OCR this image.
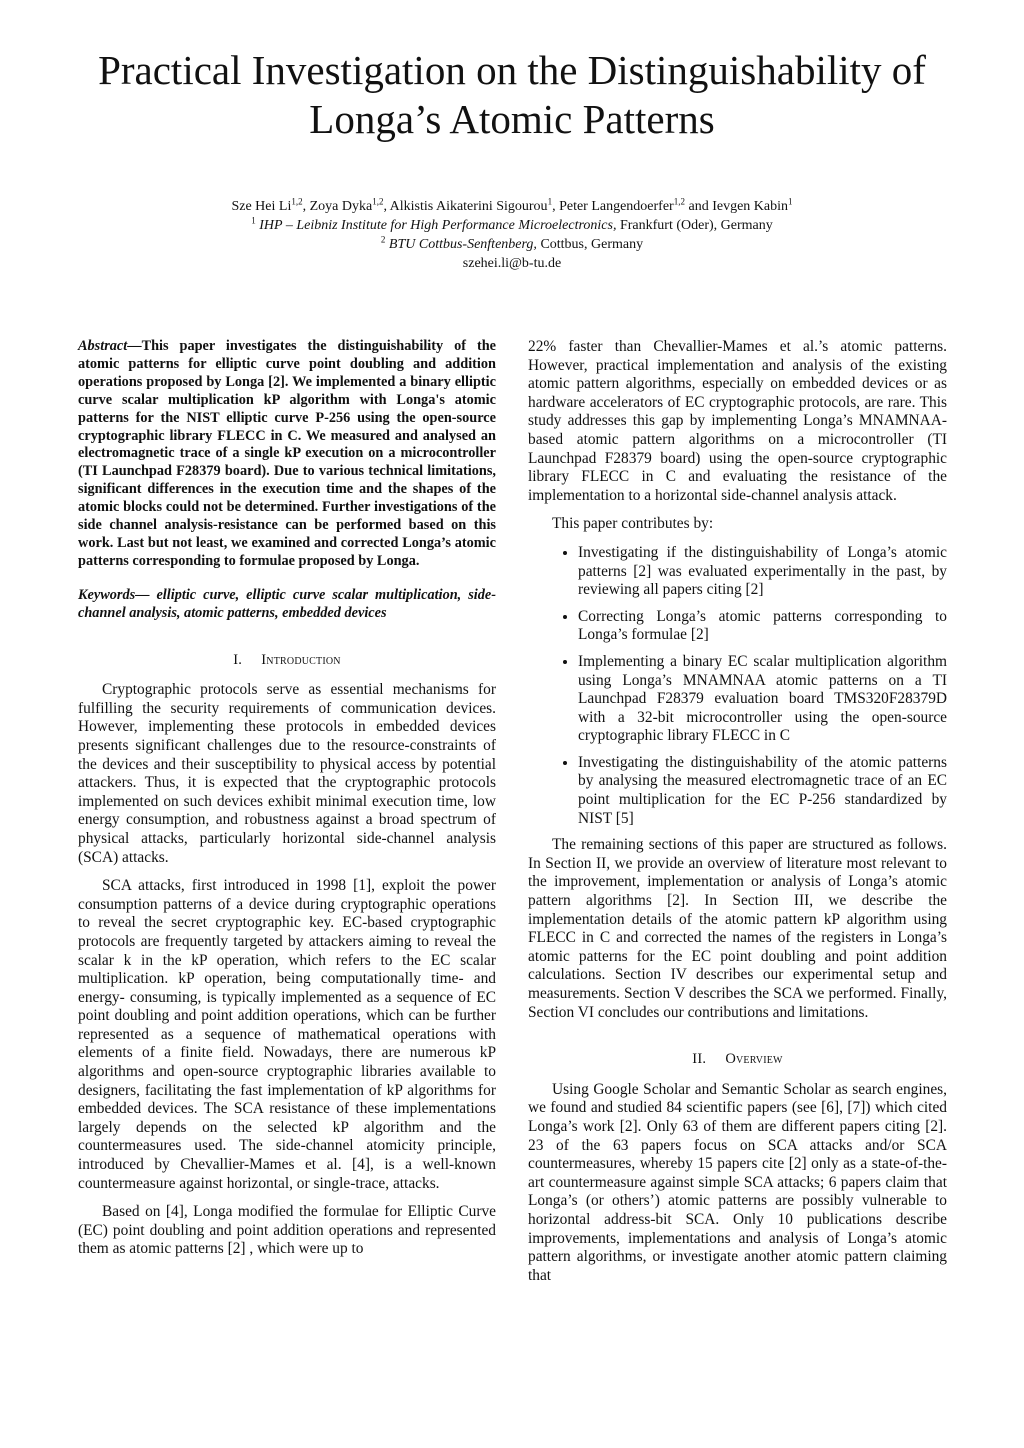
Practical Investigation on the Distinguishability of
Longa’s Atomic Patterns
Sze Hei Li$^{1,2}$, Zoya Dyka$^{1,2}$, Alkistis Aikaterini Sigourou$^1$, Peter Langendoerfer$^{1,2}$ and Ievgen Kabin$^1$
$^1$ IHP – Leibniz Institute for High Performance Microelectronics, Frankfurt (Oder), Germany
$^2$ BTU Cottbus-Senftenberg, Cottbus, Germany
szehei.li@b-tu.de

Abstract—This paper investigates the distinguishability of the atomic patterns for elliptic curve point doubling and addition operations proposed by Longa [2]. We implemented a binary elliptic curve scalar multiplication kP algorithm with Longa's atomic patterns for the NIST elliptic curve P-256 using the open-source cryptographic library FLECC in C. We measured and analysed an electromagnetic trace of a single kP execution on a microcontroller (TI Launchpad F28379 board). Due to various technical limitations, significant differences in the execution time and the shapes of the atomic blocks could not be determined. Further investigations of the side channel analysis-resistance can be performed based on this work. Last but not least, we examined and corrected Longa’s atomic patterns corresponding to formulae proposed by Longa.

Keywords— elliptic curve, elliptic curve scalar multiplication, side-channel analysis, atomic patterns, embedded devices

I. Introduction

Cryptographic protocols serve as essential mechanisms for fulfilling the security requirements of communication devices. However, implementing these protocols in embedded devices presents significant challenges due to the resource-constraints of the devices and their susceptibility to physical access by potential attackers. Thus, it is expected that the cryptographic protocols implemented on such devices exhibit minimal execution time, low energy consumption, and robustness against a broad spectrum of physical attacks, particularly horizontal side-channel analysis (SCA) attacks.

SCA attacks, first introduced in 1998 [1], exploit the power consumption patterns of a device during cryptographic operations to reveal the secret cryptographic key. EC-based cryptographic protocols are frequently targeted by attackers aiming to reveal the scalar k in the kP operation, which refers to the EC scalar multiplication. kP operation, being computationally time- and energy- consuming, is typically implemented as a sequence of EC point doubling and point addition operations, which can be further represented as a sequence of mathematical operations with elements of a finite field. Nowadays, there are numerous kP algorithms and open-source cryptographic libraries available to designers, facilitating the fast implementation of kP algorithms for embedded devices. The SCA resistance of these implementations largely depends on the selected kP algorithm and the countermeasures used. The side-channel atomicity principle, introduced by Chevallier-Mames et al. [4], is a well-known countermeasure against horizontal, or single-trace, attacks.

Based on [4], Longa modified the formulae for Elliptic Curve (EC) point doubling and point addition operations and represented them as atomic patterns [2] , which were up to

22% faster than Chevallier-Mames et al.’s atomic patterns. However, practical implementation and analysis of the existing atomic pattern algorithms, especially on embedded devices or as hardware accelerators of EC cryptographic protocols, are rare. This study addresses this gap by implementing Longa’s MNAMNAA-based atomic pattern algorithms on a microcontroller (TI Launchpad F28379 board) using the open-source cryptographic library FLECC in C and evaluating the resistance of the implementation to a horizontal side-channel analysis attack.

This paper contributes by:

• Investigating if the distinguishability of Longa’s atomic patterns [2] was evaluated experimentally in the past, by reviewing all papers citing [2]
• Correcting Longa’s atomic patterns corresponding to Longa’s formulae [2]
• Implementing a binary EC scalar multiplication algorithm using Longa’s MNAMNAA atomic patterns on a TI Launchpad F28379 evaluation board TMS320F28379D with a 32-bit microcontroller using the open-source cryptographic library FLECC in C
• Investigating the distinguishability of the atomic patterns by analysing the measured electromagnetic trace of an EC point multiplication for the EC P-256 standardized by NIST [5]

The remaining sections of this paper are structured as follows. In Section II, we provide an overview of literature most relevant to the improvement, implementation or analysis of Longa’s atomic pattern algorithms [2]. In Section III, we describe the implementation details of the atomic pattern kP algorithm using FLECC in C and corrected the names of the registers in Longa’s atomic patterns for the EC point doubling and point addition calculations. Section IV describes our experimental setup and measurements. Section V describes the SCA we performed. Finally, Section VI concludes our contributions and limitations.

II. Overview

Using Google Scholar and Semantic Scholar as search engines, we found and studied 84 scientific papers (see [6], [7]) which cited Longa’s work [2]. Only 63 of them are different papers citing [2]. 23 of the 63 papers focus on SCA attacks and/or SCA countermeasures, whereby 15 papers cite [2] only as a state-of-the-art countermeasure against simple SCA attacks; 6 papers claim that Longa’s (or others’) atomic patterns are possibly vulnerable to horizontal address-bit SCA. Only 10 publications describe improvements, implementations and analysis of Longa’s atomic pattern algorithms, or investigate another atomic pattern claiming that
